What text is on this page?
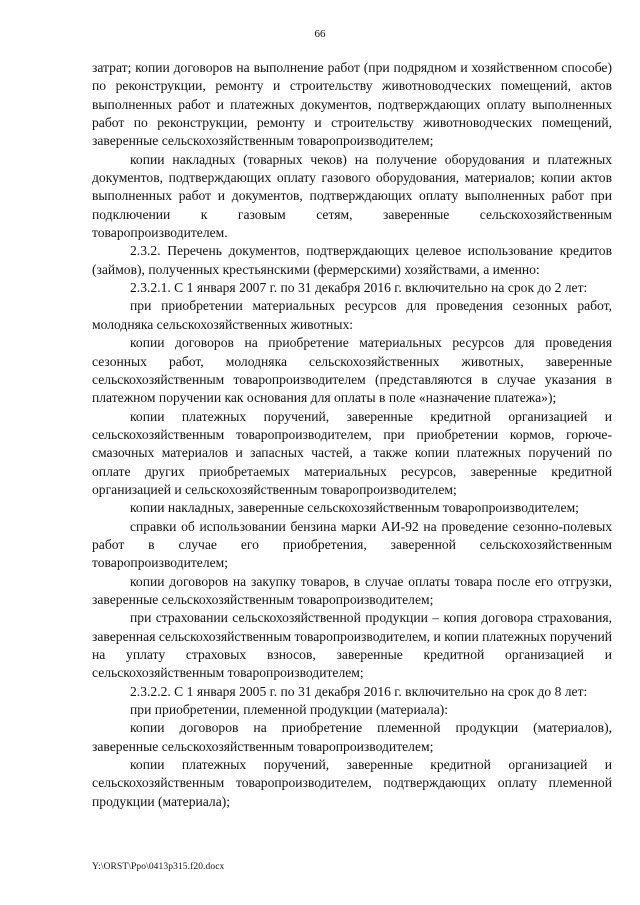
66

затрат; копии договоров на выполнение работ (при подрядном и хозяйственном способе) по реконструкции, ремонту и строительству животноводческих помещений, актов выполненных работ и платежных документов, подтверждающих оплату выполненных работ по реконструкции, ремонту и строительству животноводческих помещений, заверенные сельскохозяйственным товаропроизводителем;

копии накладных (товарных чеков) на получение оборудования и платежных документов, подтверждающих оплату газового оборудования, материалов; копии актов выполненных работ и документов, подтверждающих оплату выполненных работ при подключении к газовым сетям, заверенные сельскохозяйственным товаропроизводителем.

2.3.2. Перечень документов, подтверждающих целевое использование кредитов (займов), полученных крестьянскими (фермерскими) хозяйствами, а именно:

2.3.2.1. С 1 января 2007 г. по 31 декабря 2016 г. включительно на срок до 2 лет:

при приобретении материальных ресурсов для проведения сезонных работ, молодняка сельскохозяйственных животных:

копии договоров на приобретение материальных ресурсов для проведения сезонных работ, молодняка сельскохозяйственных животных, заверенные сельскохозяйственным товаропроизводителем (представляются в случае указания в платежном поручении как основания для оплаты в поле «назначение платежа»);

копии платежных поручений, заверенные кредитной организацией и сельскохозяйственным товаропроизводителем, при приобретении кормов, горюче-смазочных материалов и запасных частей, а также копии платежных поручений по оплате других приобретаемых материальных ресурсов, заверенные кредитной организацией и сельскохозяйственным товаропроизводителем;

копии накладных, заверенные сельскохозяйственным товаропроизводителем;

справки об использовании бензина марки АИ-92 на проведение сезонно-полевых работ в случае его приобретения, заверенной сельскохозяйственным товаропроизводителем;

копии договоров на закупку товаров, в случае оплаты товара после его отгрузки, заверенные сельскохозяйственным товаропроизводителем;

при страховании сельскохозяйственной продукции – копия договора страхования, заверенная сельскохозяйственным товаропроизводителем, и копии платежных поручений на уплату страховых взносов, заверенные кредитной организацией и сельскохозяйственным товаропроизводителем;

2.3.2.2. С 1 января 2005 г. по 31 декабря 2016 г. включительно на срок до 8 лет:

при приобретении, племенной продукции (материала):

копии договоров на приобретение племенной продукции (материалов), заверенные сельскохозяйственным товаропроизводителем;

копии платежных поручений, заверенные кредитной организацией и сельскохозяйственным товаропроизводителем, подтверждающих оплату племенной продукции (материала);

Y:\ORST\Ppo\0413p315.f20.docx
